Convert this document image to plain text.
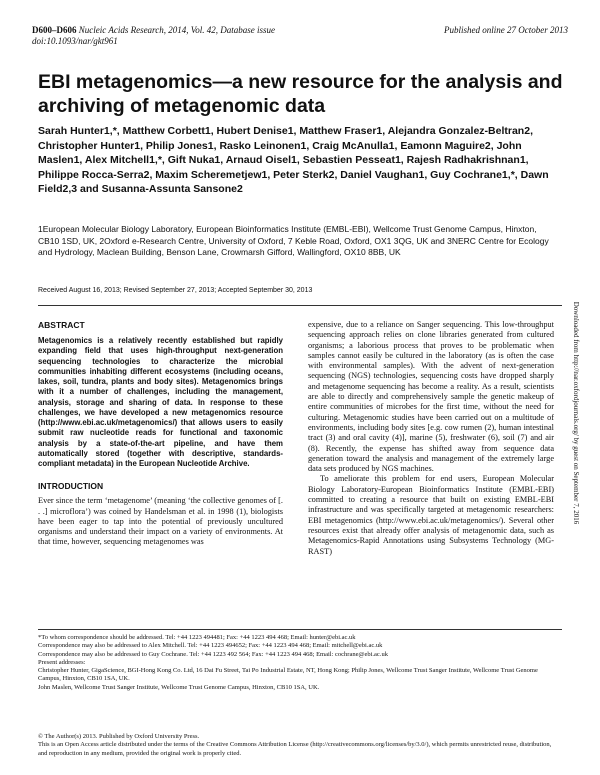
D600–D606 Nucleic Acids Research, 2014, Vol. 42, Database issue
doi:10.1093/nar/gkt961
Published online 27 October 2013
EBI metagenomics—a new resource for the analysis and archiving of metagenomic data
Sarah Hunter1,*, Matthew Corbett1, Hubert Denise1, Matthew Fraser1, Alejandra Gonzalez-Beltran2, Christopher Hunter1, Philip Jones1, Rasko Leinonen1, Craig McAnulla1, Eamonn Maguire2, John Maslen1, Alex Mitchell1,*, Gift Nuka1, Arnaud Oisel1, Sebastien Pesseat1, Rajesh Radhakrishnan1, Philippe Rocca-Serra2, Maxim Scheremetjew1, Peter Sterk2, Daniel Vaughan1, Guy Cochrane1,*, Dawn Field2,3 and Susanna-Assunta Sansone2
1European Molecular Biology Laboratory, European Bioinformatics Institute (EMBL-EBI), Wellcome Trust Genome Campus, Hinxton, CB10 1SD, UK, 2Oxford e-Research Centre, University of Oxford, 7 Keble Road, Oxford, OX1 3QG, UK and 3NERC Centre for Ecology and Hydrology, Maclean Building, Benson Lane, Crowmarsh Gifford, Wallingford, OX10 8BB, UK
Received August 16, 2013; Revised September 27, 2013; Accepted September 30, 2013
Downloaded from http://nar.oxfordjournals.org/ by guest on September 7, 2016
ABSTRACT
Metagenomics is a relatively recently established but rapidly expanding field that uses high-throughput next-generation sequencing technologies to characterize the microbial communities inhabiting different ecosystems (including oceans, lakes, soil, tundra, plants and body sites). Metagenomics brings with it a number of challenges, including the management, analysis, storage and sharing of data. In response to these challenges, we have developed a new metagenomics resource (http://www.ebi.ac.uk/metagenomics/) that allows users to easily submit raw nucleotide reads for functional and taxonomic analysis by a state-of-the-art pipeline, and have them automatically stored (together with descriptive, standards-compliant metadata) in the European Nucleotide Archive.
INTRODUCTION

Ever since the term ‘metagenome’ (meaning ‘the collective genomes of [. . .] microflora’) was coined by Handelsman et al. in 1998 (1), biologists have been eager to tap into the potential of previously uncultured organisms and understand their impact on a variety of environments. At that time, however, sequencing metagenomes was

expensive, due to a reliance on Sanger sequencing. This low-throughput sequencing approach relies on clone libraries generated from cultured organisms; a laborious process that proves to be problematic when samples cannot easily be cultured in the laboratory (as is often the case with environmental samples). With the advent of next-generation sequencing (NGS) technologies, sequencing costs have dropped sharply and metagenome sequencing has become a reality. As a result, scientists are able to directly and comprehensively sample the genetic makeup of entire communities of microbes for the first time, without the need for culturing. Metagenomic studies have been carried out on a multitude of environments, including body sites [e.g. cow rumen (2), human intestinal tract (3) and oral cavity (4)], marine (5), freshwater (6), soil (7) and air (8). Recently, the expense has shifted away from sequence data generation toward the analysis and management of the extremely large data sets produced by NGS machines.

To ameliorate this problem for end users, European Molecular Biology Laboratory-European Bioinformatics Institute (EMBL-EBI) committed to creating a resource that built on existing EMBL-EBI infrastructure and was specifically targeted at metagenomic researchers: EBI metagenomics (http://www.ebi.ac.uk/metagenomics/). Several other resources exist that already offer analysis of metagenomic data, such as Metagenomics-Rapid Annotations using Subsystems Technology (MG-RAST)

*To whom correspondence should be addressed. Tel: +44 1223 494481; Fax: +44 1223 494 468; Email: hunter@ebi.ac.uk

Correspondence may also be addressed to Alex Mitchell. Tel: +44 1223 494652; Fax: +44 1223 494 468; Email: mitchell@ebi.ac.uk

Correspondence may also be addressed to Guy Cochrane. Tel: +44 1223 492 564; Fax: +44 1223 494 468; Email: cochrane@ebi.ac.uk

Present addresses:

Christopher Hunter, GigaScience, BGI-Hong Kong Co. Ltd, 16 Dai Fu Street, Tai Po Industrial Estate, NT, Hong Kong; Philip Jones, Wellcome Trust Sanger Institute, Wellcome Trust Genome Campus, Hinxton, CB10 1SA, UK.

John Maslen, Wellcome Trust Sanger Institute, Wellcome Trust Genome Campus, Hinxton, CB10 1SA, UK.

© The Author(s) 2013. Published by Oxford University Press.

This is an Open Access article distributed under the terms of the Creative Commons Attribution License (http://creativecommons.org/licenses/by/3.0/), which permits unrestricted reuse, distribution, and reproduction in any medium, provided the original work is properly cited.
